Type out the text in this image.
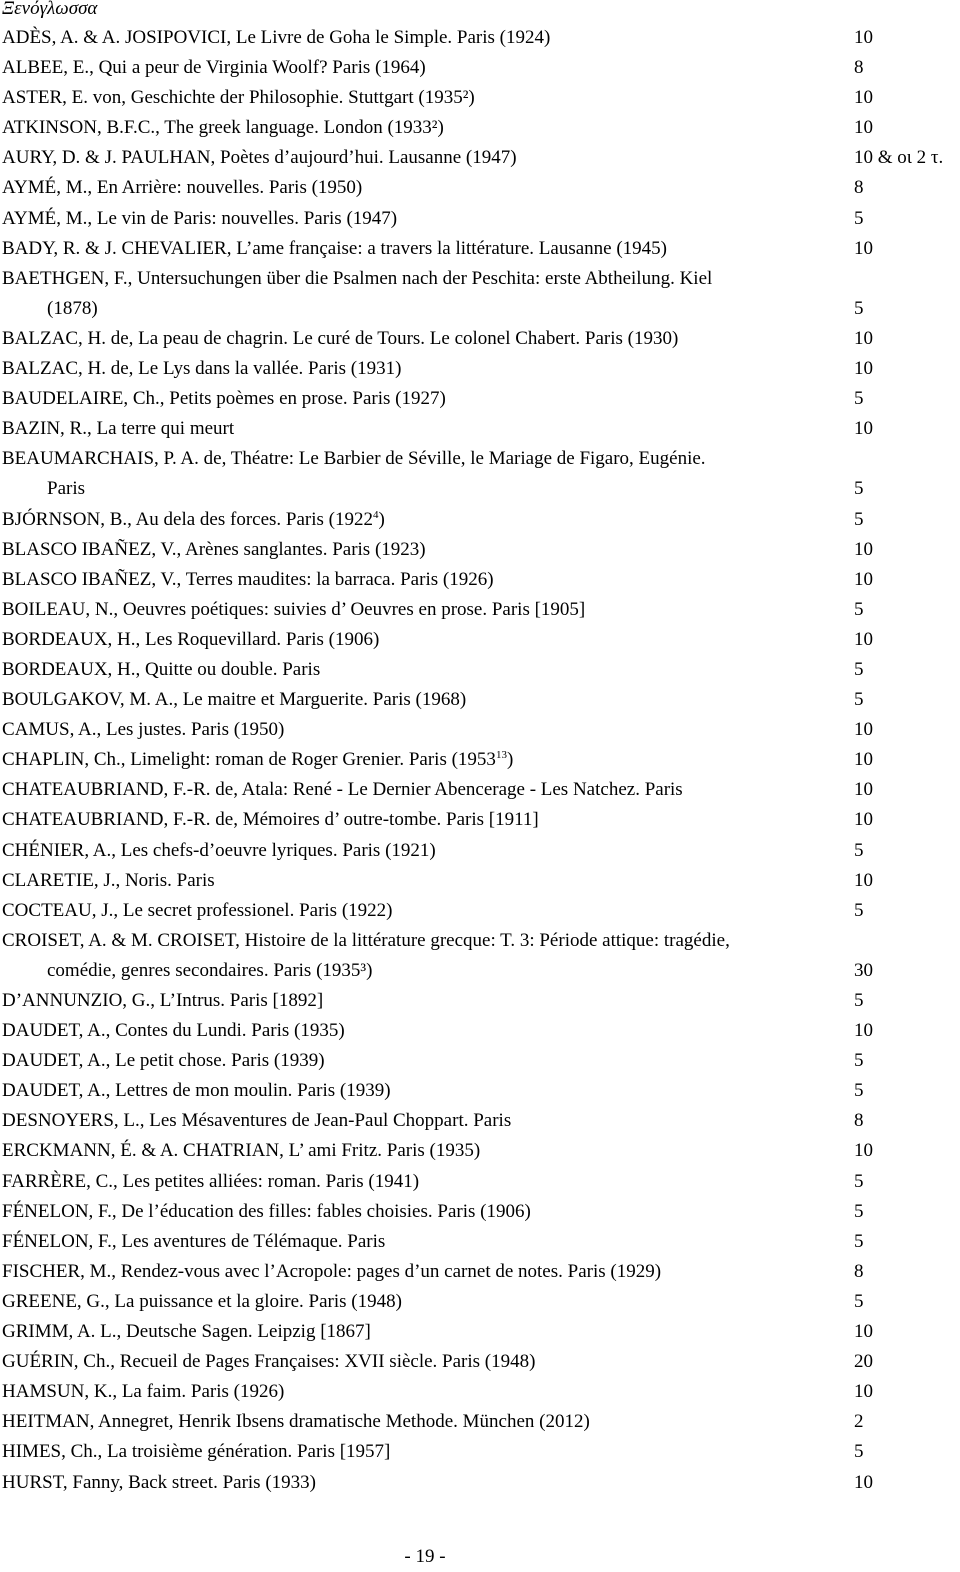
Ξενόγλωσσα
ADÈS, A. & A. JOSIPOVICI, Le Livre de Goha le Simple. Paris (1924)	10
ALBEE, E., Qui a peur de Virginia Woolf? Paris (1964)	8
ASTER, E. von, Geschichte der Philosophie. Stuttgart (1935²)	10
ATKINSON, B.F.C., The greek language. London (1933²)	10
AURY, D. & J. PAULHAN, Poètes d’aujourd’hui. Lausanne (1947)	10 & οι 2 τ.
AYMÉ, M., En Arrière: nouvelles. Paris (1950)	8
AYMÉ, M., Le vin de Paris: nouvelles. Paris (1947)	5
BADY, R. & J. CHEVALIER, L’ame française: a travers la littérature. Lausanne (1945)	10
BAETHGEN, F., Untersuchungen über die Psalmen nach der Peschita: erste Abtheilung. Kiel
(1878)	5
BALZAC, H. de, La peau de chagrin. Le curé de Tours. Le colonel Chabert. Paris (1930)	10
BALZAC, H. de, Le Lys dans la vallée. Paris (1931)	10
BAUDELAIRE, Ch., Petits poèmes en prose. Paris (1927)	5
BAZIN, R., La terre qui meurt	10
BEAUMARCHAIS, P. A. de, Théatre: Le Barbier de Séville, le Mariage de Figaro, Eugénie.
Paris	5
BJÓRNSON, B., Au dela des forces. Paris (1922$^4$)	5
BLASCO IBAÑEZ, V., Arènes sanglantes. Paris (1923)	10
BLASCO IBAÑEZ, V., Terres maudites: la barraca. Paris (1926)	10
BOILEAU, N., Oeuvres poétiques: suivies d’ Oeuvres en prose. Paris [1905]	5
BORDEAUX, H., Les Roquevillard. Paris (1906)	10
BORDEAUX, H., Quitte ou double. Paris	5
BOULGAKOV, M. A., Le maitre et Marguerite. Paris (1968)	5
CAMUS, A., Les justes. Paris (1950)	10
CHAPLIN, Ch., Limelight: roman de Roger Grenier. Paris (1953$^{13}$)	10
CHATEAUBRIAND, F.-R. de, Atala: René - Le Dernier Abencerage - Les Natchez. Paris	10
CHATEAUBRIAND, F.-R. de, Mémoires d’ outre-tombe. Paris [1911]	10
CHÉNIER, A., Les chefs-d’oeuvre lyriques. Paris (1921)	5
CLARETIE, J., Noris. Paris	10
COCTEAU, J., Le secret professionel. Paris (1922)	5
CROISET, A. & M. CROISET, Histoire de la littérature grecque: T. 3: Période attique: tragédie,
comédie, genres secondaires. Paris (1935³)	30
D’ANNUNZIO, G., L’Intrus. Paris [1892]	5
DAUDET, A., Contes du Lundi. Paris (1935)	10
DAUDET, A., Le petit chose. Paris (1939)	5
DAUDET, A., Lettres de mon moulin. Paris (1939)	5
DESNOYERS, L., Les Mésaventures de Jean-Paul Choppart. Paris	8
ERCKMANN, É. & A. CHATRIAN, L’ ami Fritz. Paris (1935)	10
FARRÈRE, C., Les petites alliées: roman. Paris (1941)	5
FÉNELON, F., De l’éducation des filles: fables choisies. Paris (1906)	5
FÉNELON, F., Les aventures de Télémaque. Paris	5
FISCHER, M., Rendez-vous avec l’Acropole: pages d’un carnet de notes. Paris (1929)	8
GREENE, G., La puissance et la gloire. Paris (1948)	5
GRIMM, A. L., Deutsche Sagen. Leipzig [1867]	10
GUÉRIN, Ch., Recueil de Pages Françaises: XVII siècle. Paris (1948)	20
HAMSUN, K., La faim. Paris (1926)	10
HEITMAN, Annegret, Henrik Ibsens dramatische Methode. München (2012)	2
HIMES, Ch., La troisième génération. Paris [1957]	5
HURST, Fanny, Back street. Paris (1933)	10
- 19 -
